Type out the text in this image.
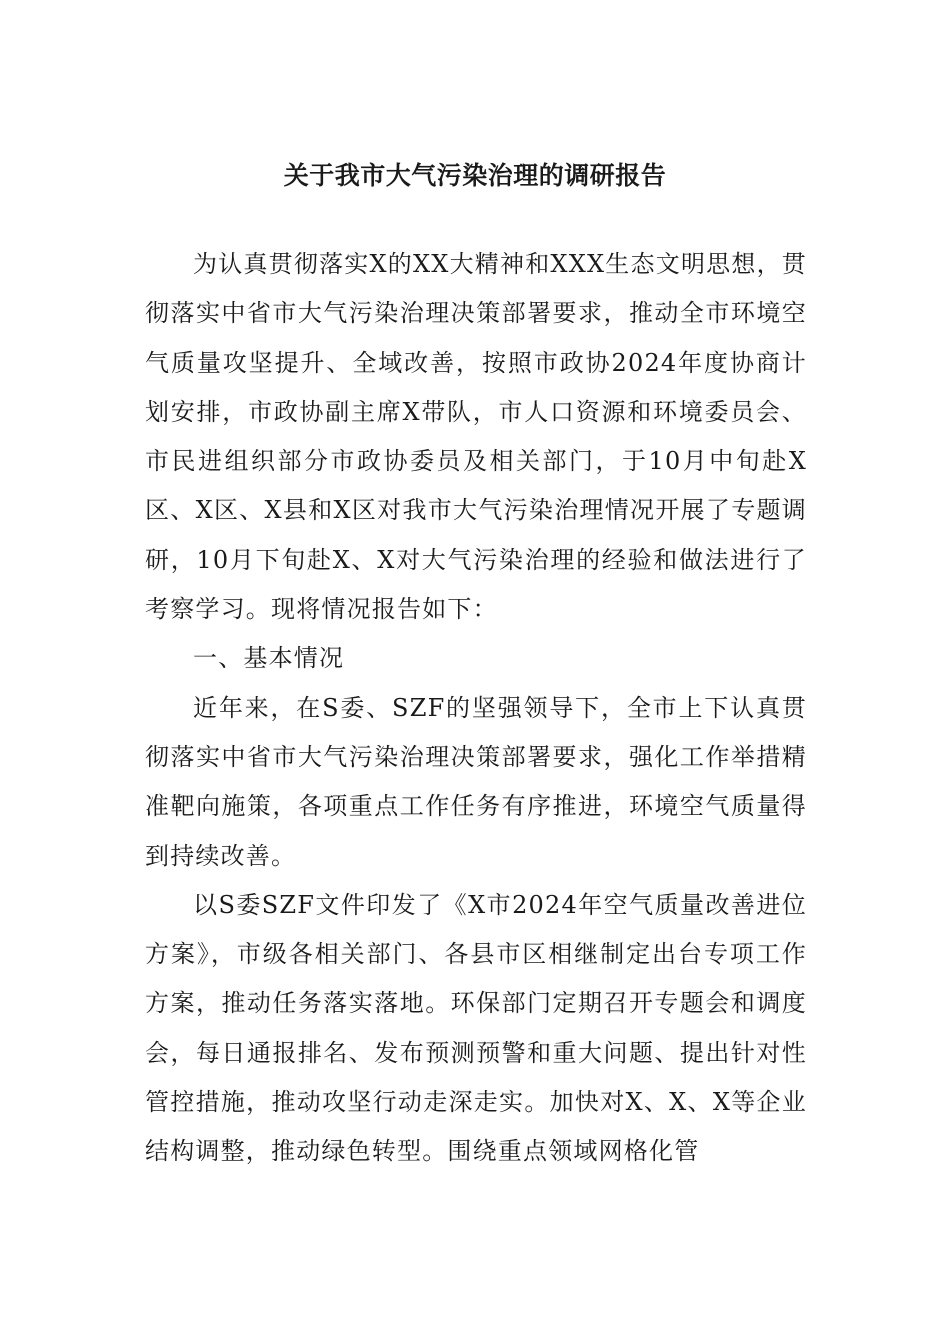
关于我市大气污染治理的调研报告

为认真贯彻落实X的XX大精神和XXX生态文明思想，贯彻落实中省市大气污染治理决策部署要求，推动全市环境空气质量攻坚提升、全域改善，按照市政协2024年度协商计划安排，市政协副主席X带队，市人口资源和环境委员会、市民进组织部分市政协委员及相关部门，于10月中旬赴X区、X区、X县和X区对我市大气污染治理情况开展了专题调研，10月下旬赴X、X对大气污染治理的经验和做法进行了考察学习。现将情况报告如下：

一、基本情况

近年来，在S委、SZF的坚强领导下，全市上下认真贯彻落实中省市大气污染治理决策部署要求，强化工作举措精准靶向施策，各项重点工作任务有序推进，环境空气质量得到持续改善。

以S委SZF文件印发了《X市2024年空气质量改善进位方案》，市级各相关部门、各县市区相继制定出台专项工作方案，推动任务落实落地。环保部门定期召开专题会和调度会，每日通报排名、发布预测预警和重大问题、提出针对性管控措施，推动攻坚行动走深走实。加快对X、X、X等企业结构调整，推动绿色转型。围绕重点领域网格化管
